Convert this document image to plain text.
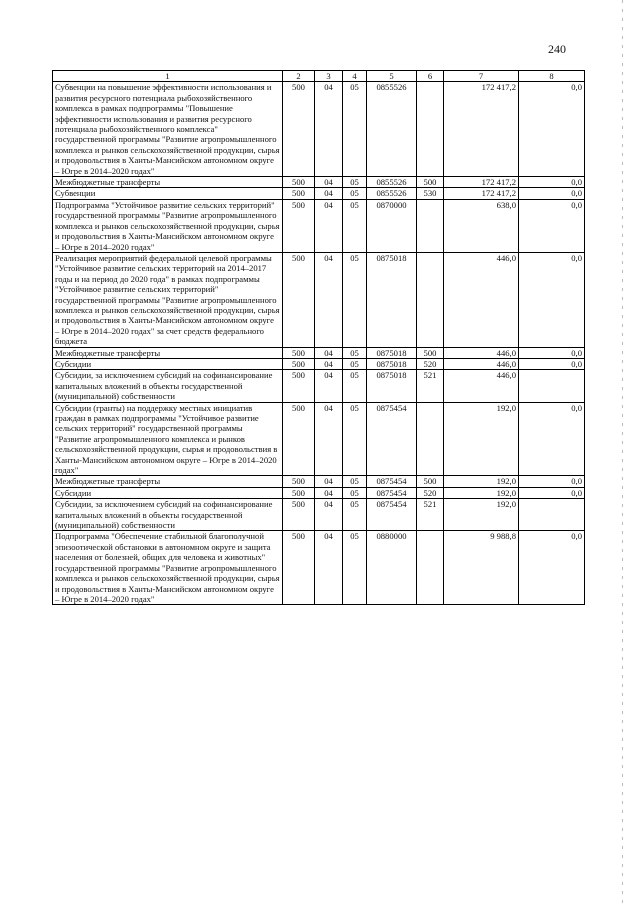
240
1	2	3	4	5	6	7	8
Субвенции на повышение эффективности использования и развития ресурсного потенциала рыбохозяйственного комплекса в рамках подпрограммы "Повышение эффективности использования и развития ресурсного потенциала рыбохозяйственного комплекса" государственной программы "Развитие агропромышленного комплекса и рынков сельскохозяйственной продукции, сырья и продовольствия в Ханты-Мансийском автономном округе – Югре в 2014–2020 годах"	500	04	05	0855526		172 417,2	0,0
Межбюджетные трансферты	500	04	05	0855526	500	172 417,2	0,0
Субвенции	500	04	05	0855526	530	172 417,2	0,0
Подпрограмма "Устойчивое развитие сельских территорий" государственной программы "Развитие агропромышленного комплекса и рынков сельскохозяйственной продукции, сырья и продовольствия в Ханты-Мансийском автономном округе – Югре в 2014–2020 годах"	500	04	05	0870000		638,0	0,0
Реализация мероприятий федеральной целевой программы "Устойчивое развитие сельских территорий на 2014–2017 годы и на период до 2020 года" в рамках подпрограммы "Устойчивое развитие сельских территорий" государственной программы "Развитие агропромышленного комплекса и рынков сельскохозяйственной продукции, сырья и продовольствия в Ханты-Мансийском автономном округе – Югре в 2014–2020 годах" за счет средств федерального бюджета	500	04	05	0875018		446,0	0,0
Межбюджетные трансферты	500	04	05	0875018	500	446,0	0,0
Субсидии	500	04	05	0875018	520	446,0	0,0
Субсидии, за исключением субсидий на софинансирование капитальных вложений в объекты государственной (муниципальной) собственности	500	04	05	0875018	521	446,0	
Субсидии (гранты) на поддержку местных инициатив граждан в рамках подпрограммы "Устойчивое развитие сельских территорий" государственной программы "Развитие агропромышленного комплекса и рынков сельскохозяйственной продукции, сырья и продовольствия в Ханты-Мансийском автономном округе – Югре в 2014–2020 годах"	500	04	05	0875454		192,0	0,0
Межбюджетные трансферты	500	04	05	0875454	500	192,0	0,0
Субсидии	500	04	05	0875454	520	192,0	0,0
Субсидии, за исключением субсидий на софинансирование капитальных вложений в объекты государственной (муниципальной) собственности	500	04	05	0875454	521	192,0	
Подпрограмма "Обеспечение стабильной благополучной эпизоотической обстановки в автономном округе и защита населения от болезней, общих для человека и животных" государственной программы "Развитие агропромышленного комплекса и рынков сельскохозяйственной продукции, сырья и продовольствия в Ханты-Мансийском автономном округе – Югре в 2014–2020 годах"	500	04	05	0880000		9 988,8	0,0
